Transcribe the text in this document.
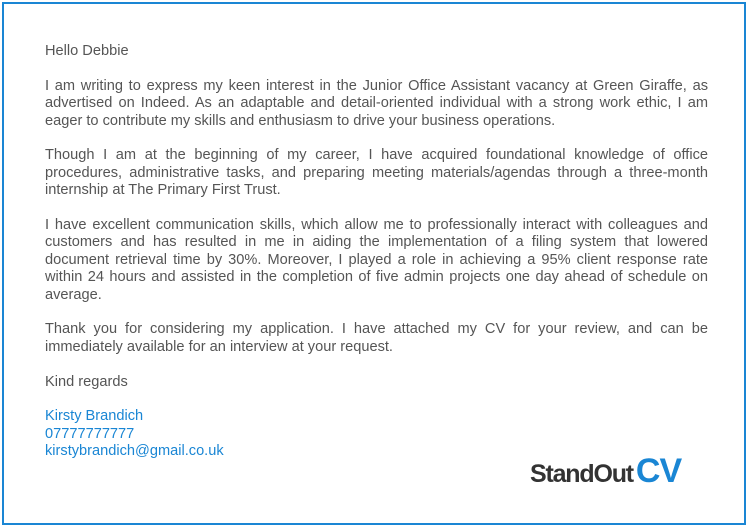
Hello Debbie

I am writing to express my keen interest in the Junior Office Assistant vacancy at Green Giraffe, as advertised on Indeed. As an adaptable and detail-oriented individual with a strong work ethic, I am eager to contribute my skills and enthusiasm to drive your business operations.

Though I am at the beginning of my career, I have acquired foundational knowledge of office procedures, administrative tasks, and preparing meeting materials/agendas through a three-month internship at The Primary First Trust.

I have excellent communication skills, which allow me to professionally interact with colleagues and customers and has resulted in me in aiding the implementation of a filing system that lowered document retrieval time by 30%. Moreover, I played a role in achieving a 95% client response rate within 24 hours and assisted in the completion of five admin projects one day ahead of schedule on average.

Thank you for considering my application. I have attached my CV for your review, and can be immediately available for an interview at your request.

Kind regards

Kirsty Brandich
07777777777
kirstybrandich@gmail.co.uk
StandOutCV
